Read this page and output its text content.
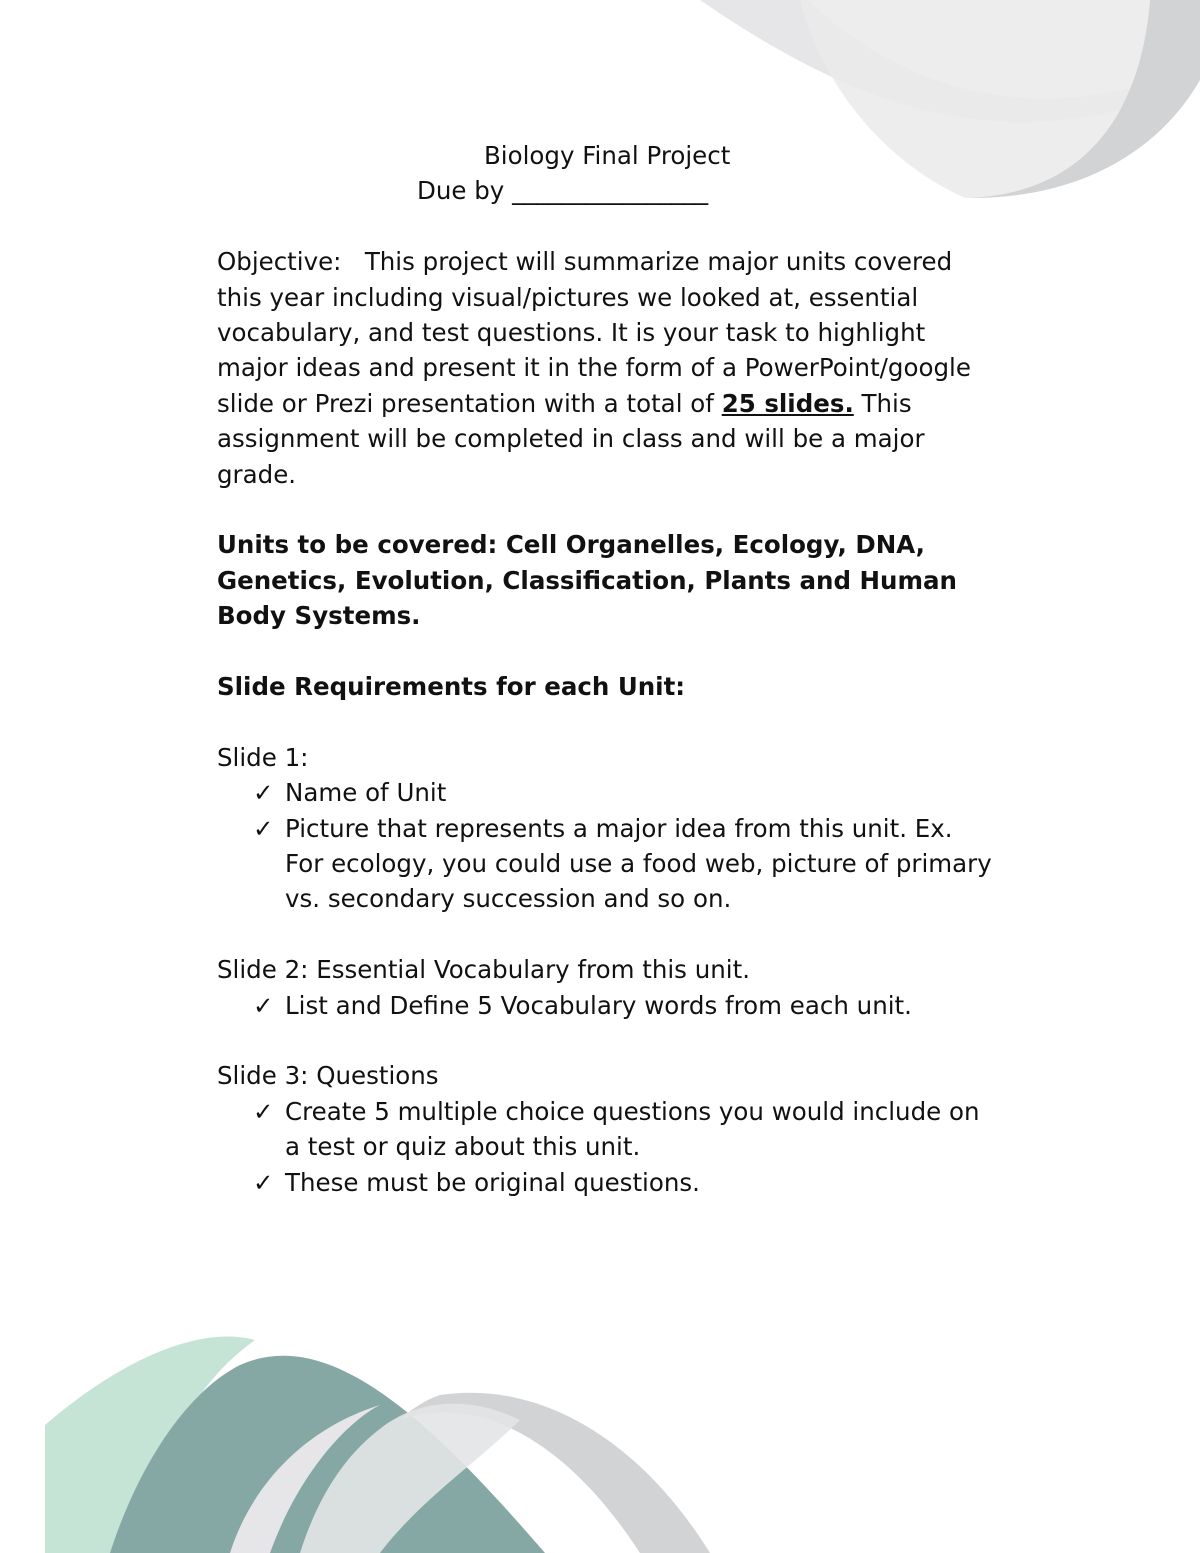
Biology Final Project
Due by ________________

Objective: This project will summarize major units covered this year including visual/pictures we looked at, essential vocabulary, and test questions. It is your task to highlight major ideas and present it in the form of a PowerPoint/google slide or Prezi presentation with a total of 25 slides. This assignment will be completed in class and will be a major grade.

Units to be covered: Cell Organelles, Ecology, DNA, Genetics, Evolution, Classification, Plants and Human Body Systems.

Slide Requirements for each Unit:
Slide 1:
✓ Name of Unit
✓ Picture that represents a major idea from this unit. Ex. For ecology, you could use a food web, picture of primary vs. secondary succession and so on.
Slide 2: Essential Vocabulary from this unit.
✓ List and Define 5 Vocabulary words from each unit.
Slide 3: Questions
✓ Create 5 multiple choice questions you would include on a test or quiz about this unit.
✓ These must be original questions.
